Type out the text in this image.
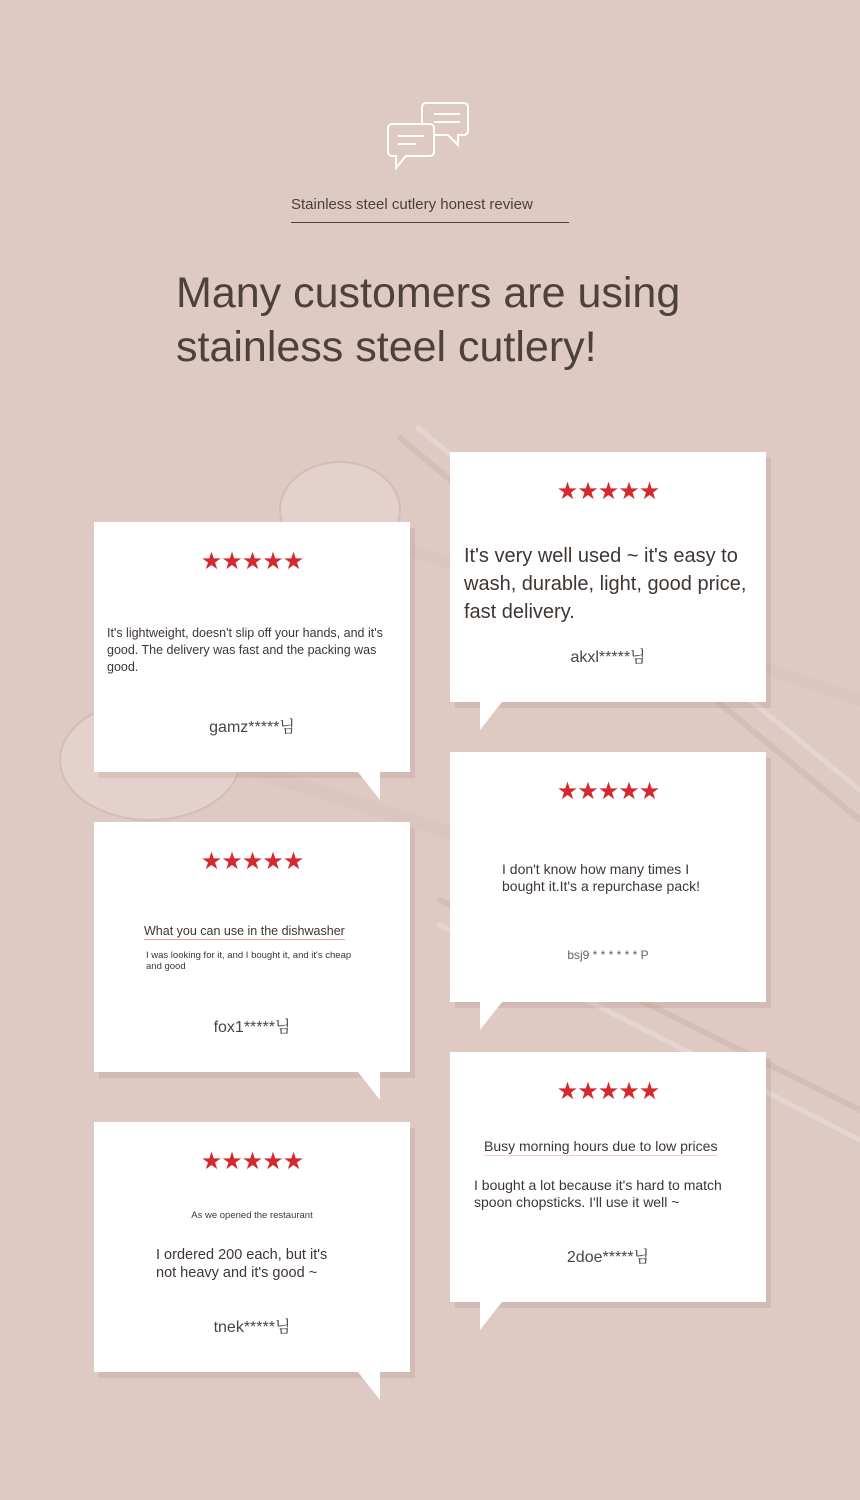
Stainless steel cutlery honest review
Many customers are using
stainless steel cutlery!
★★★★★
It's lightweight, doesn't slip off your hands, and it's good. The delivery was fast and the packing was good.
gamz*****님
★★★★★
It's very well used ~ it's easy to wash, durable, light, good price, fast delivery.
akxl*****님
★★★★★
What you can use in the dishwasher
I was looking for it, and I bought it, and it's cheap and good
fox1*****님
★★★★★
I don't know how many times I bought it.It's a repurchase pack!
bsj9 * * * * * * P
★★★★★
As we opened the restaurant
I ordered 200 each, but it's not heavy and it's good ~
tnek*****님
★★★★★
Busy morning hours due to low prices
I bought a lot because it's hard to match spoon chopsticks. I'll use it well ~
2doe*****님
